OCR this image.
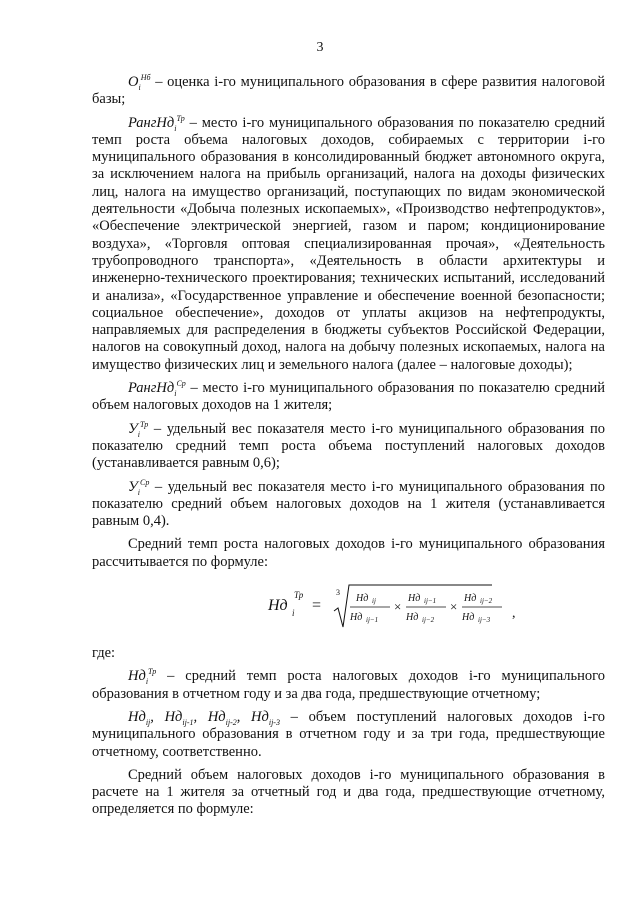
3

$O_i^{Нб}$ – оценка i-го муниципального образования в сфере развития налоговой базы;

РангНд$_i^{Тр}$ – место i-го муниципального образования по показателю средний темп роста объема налоговых доходов, собираемых с территории i-го муниципального образования в консолидированный бюджет автономного округа, за исключением налога на прибыль организаций, налога на доходы физических лиц, налога на имущество организаций, поступающих по видам экономической деятельности «Добыча полезных ископаемых», «Производство нефтепродуктов», «Обеспечение электрической энергией, газом и паром; кондиционирование воздуха», «Торговля оптовая специализированная прочая», «Деятельность трубопроводного транспорта», «Деятельность в области архитектуры и инженерно-технического проектирования; технических испытаний, исследований и анализа», «Государственное управление и обеспечение военной безопасности; социальное обеспечение», доходов от уплаты акцизов на нефтепродукты, направляемых для распределения в бюджеты субъектов Российской Федерации, налогов на совокупный доход, налога на добычу полезных ископаемых, налога на имущество физических лиц и земельного налога (далее – налоговые доходы);

РангНд$_i^{Ср}$ – место i-го муниципального образования по показателю средний объем налоговых доходов на 1 жителя;

$У_i^{Тр}$ – удельный вес показателя место i-го муниципального образования по показателю средний темп роста объема поступлений налоговых доходов (устанавливается равным 0,6);

$У_i^{Ср}$ – удельный вес показателя место i-го муниципального образования по показателю средний объем налоговых доходов на 1 жителя (устанавливается равным 0,4).

Средний темп роста налоговых доходов i-го муниципального образования рассчитывается по формуле:

Нд
Тр
i =
3
Нд ij
Нд ij−1
×
Нд ij−1
Нд ij−2
×
Нд ij−2
Нд ij−3 ,

где:

$Нд_i^{Тр}$ – средний темп роста налоговых доходов i-го муниципального образования в отчетном году и за два года, предшествующие отчетному;

$Нд_{ij}$, $Нд_{ij-1}$, $Нд_{ij-2}$, $Нд_{ij-3}$ – объем поступлений налоговых доходов i-го муниципального образования в отчетном году и за три года, предшествующие отчетному, соответственно.

Средний объем налоговых доходов i-го муниципального образования в расчете на 1 жителя за отчетный год и два года, предшествующие отчетному, определяется по формуле:
